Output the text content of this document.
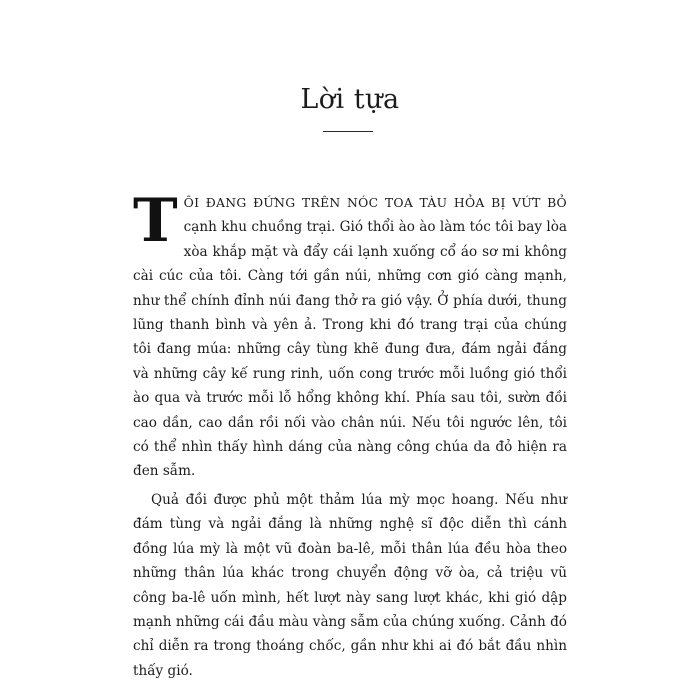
Lời tựa

TÔI ĐANG ĐỨNG TRÊN NÓC TOA TÀU HỎA BỊ VỨT BỎ cạnh khu chuồng trại. Gió thổi ào ào làm tóc tôi bay lòa xòa khắp mặt và đẩy cái lạnh xuống cổ áo sơ mi không cài cúc của tôi. Càng tới gần núi, những cơn gió càng mạnh, như thể chính đỉnh núi đang thở ra gió vậy. Ở phía dưới, thung lũng thanh bình và yên ả. Trong khi đó trang trại của chúng tôi đang múa: những cây tùng khẽ đung đưa, đám ngải đắng và những cây kế rung rinh, uốn cong trước mỗi luồng gió thổi ào qua và trước mỗi lỗ hổng không khí. Phía sau tôi, sườn đồi cao dần, cao dần rồi nối vào chân núi. Nếu tôi ngước lên, tôi có thể nhìn thấy hình dáng của nàng công chúa da đỏ hiện ra đen sẫm.

Quả đồi được phủ một thảm lúa mỳ mọc hoang. Nếu như đám tùng và ngải đắng là những nghệ sĩ độc diễn thì cánh đồng lúa mỳ là một vũ đoàn ba-lê, mỗi thân lúa đều hòa theo những thân lúa khác trong chuyển động vỡ òa, cả triệu vũ công ba-lê uốn mình, hết lượt này sang lượt khác, khi gió dập mạnh những cái đầu màu vàng sẫm của chúng xuống. Cảnh đó chỉ diễn ra trong thoáng chốc, gần như khi ai đó bắt đầu nhìn thấy gió.
